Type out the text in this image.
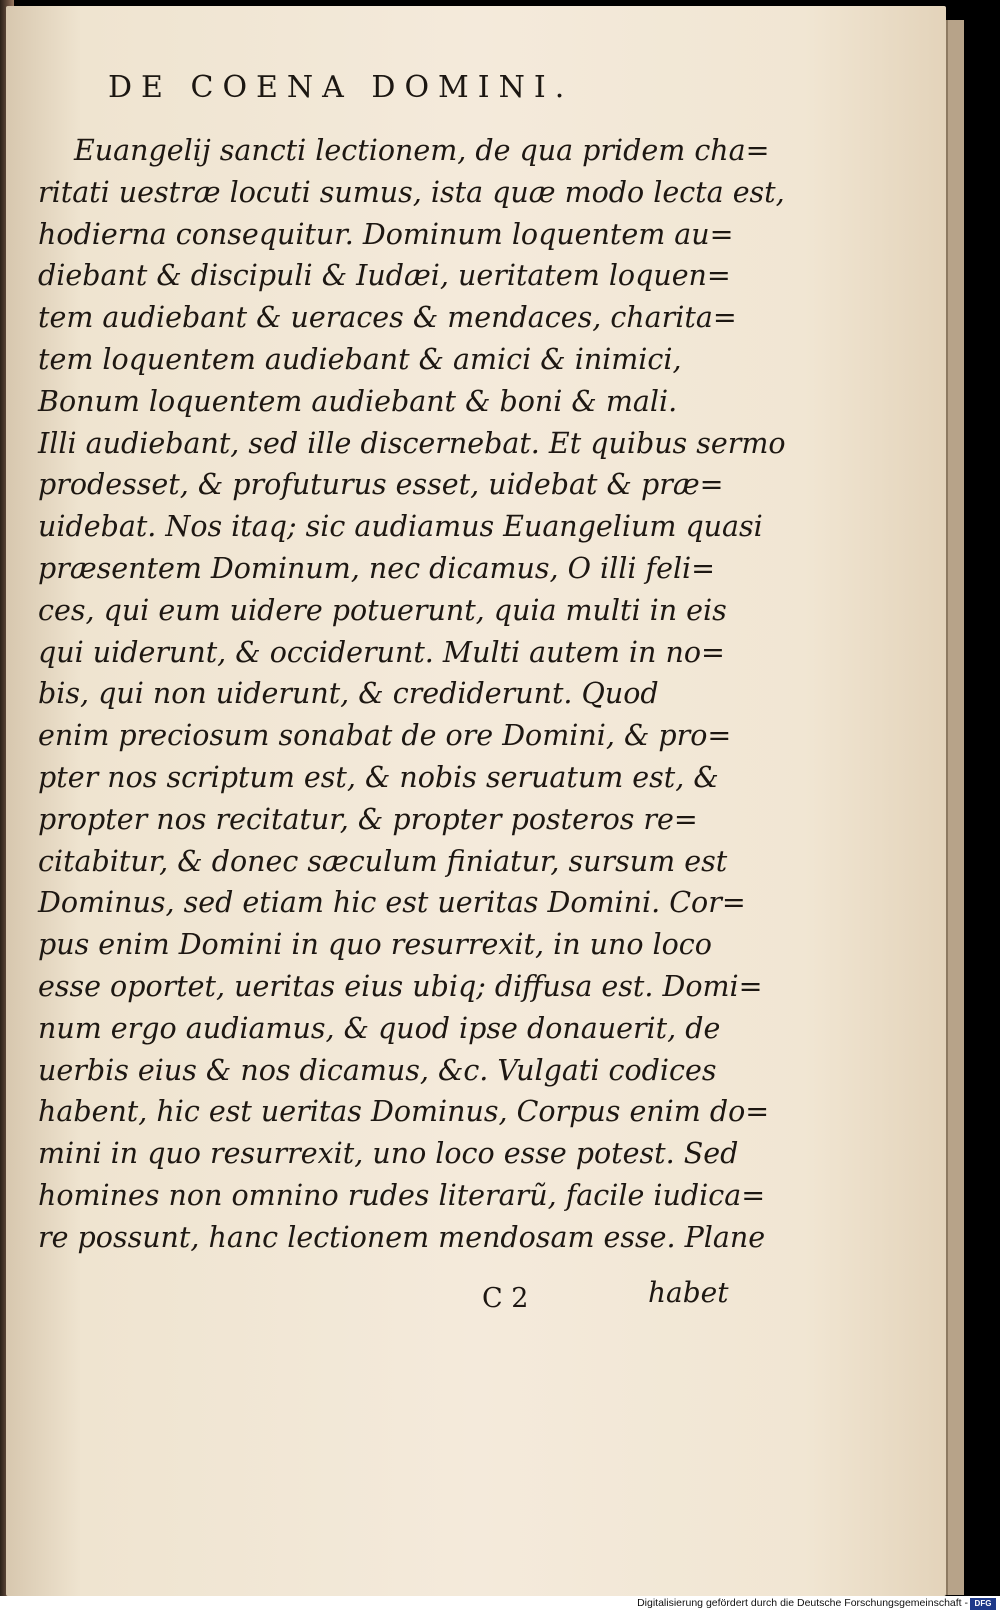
DE COENA DOMINI.
Euangelij sancti lectionem, de qua pridem cha=
ritati uestræ locuti sumus, ista quæ modo lecta est,
hodierna consequitur. Dominum loquentem au=
diebant & discipuli & Iudæi, ueritatem loquen=
tem audiebant & ueraces & mendaces, charita=
tem loquentem audiebant & amici & inimici,
Bonum loquentem audiebant & boni & mali.
Illi audiebant, sed ille discernebat. Et quibus sermo
prodesset, & profuturus esset, uidebat & præ=
uidebat. Nos itaq; sic audiamus Euangelium quasi
præsentem Dominum, nec dicamus, O illi feli=
ces, qui eum uidere potuerunt, quia multi in eis
qui uiderunt, & occiderunt. Multi autem in no=
bis, qui non uiderunt, & crediderunt. Quod
enim preciosum sonabat de ore Domini, & pro=
pter nos scriptum est, & nobis seruatum est, &
propter nos recitatur, & propter posteros re=
citabitur, & donec sæculum finiatur, sursum est
Dominus, sed etiam hic est ueritas Domini. Cor=
pus enim Domini in quo resurrexit, in uno loco
esse oportet, ueritas eius ubiq; diffusa est. Domi=
num ergo audiamus, & quod ipse donauerit, de
uerbis eius & nos dicamus, &c. Vulgati codices
habent, hic est ueritas Dominus, Corpus enim do=
mini in quo resurrexit, uno loco esse potest. Sed
homines non omnino rudes literarũ, facile iudica=
re possunt, hanc lectionem mendosam esse. Plane
C 2	habet
Digitalisierung gefördert durch die Deutsche Forschungsgemeinschaft - DFG
